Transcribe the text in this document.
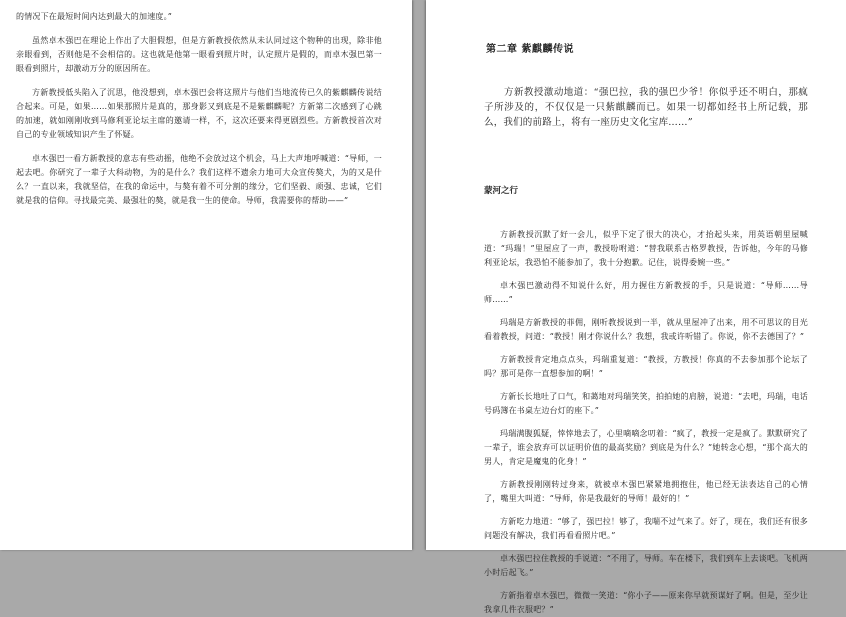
的情况下在最短时间内达到最大的加速度。”

虽然卓木强巴在理论上作出了大胆假想，但是方新教授依然从未认同过这个物种的出现，除非他亲眼看到，否则他是不会相信的。这也就是他第一眼看到照片时，认定照片是假的，而卓木强巴第一眼看到照片，却激动万分的原因所在。

方新教授低头陷入了沉思，他没想到，卓木强巴会将这照片与他们当地流传已久的紫麒麟传说结合起来。可是，如果……如果那照片是真的，那身影又到底是不是紫麒麟呢？方新第二次感到了心跳的加速，就如刚刚收到马修利亚论坛主席的邀请一样，不，这次还要来得更剧烈些。方新教授首次对自己的专业领域知识产生了怀疑。

卓木强巴一看方新教授的意志有些动摇，他绝不会放过这个机会，马上大声地呼喊道：“导师，一起去吧。你研究了一辈子大科动物，为的是什么？我们这样不遗余力地可大众宣传獒犬，为的又是什么？一直以来，我就坚信，在我的命运中，与獒有着不可分割的缘分，它们坚毅、顽强、忠诚，它们就是我的信仰。寻找最完美、最强壮的獒，就是我一生的使命。导师，我需要你的帮助——”

第二章 紫麒麟传说

方新教授激动地道：“强巴拉，我的强巴少爷！你似乎还不明白，那疯子所涉及的，不仅仅是一只紫麒麟而已。如果一切都如经书上所记载，那么，我们的前路上，将有一座历史文化宝库……”

蒙河之行

方新教授沉默了好一会儿，似乎下定了很大的决心，才抬起头来，用英语朝里屋喊道：“玛瑞！”里屋应了一声，教授吩咐道：“替我联系古格罗教授，告诉他，今年的马修利亚论坛，我恐怕不能参加了，我十分抱歉。记住，说得委婉一些。”

卓木强巴激动得不知说什么好，用力握住方新教授的手，只是说道：“导师……导师……”

玛瑞是方新教授的菲佣，刚听教授说到一半，就从里屋冲了出来，用不可思议的目光看着教授，问道：“教授！刚才你说什么？我想，我或许听错了。你说，你不去德国了？”

方新教授肯定地点点头，玛瑞重复道：“教授，方教授！你真的不去参加那个论坛了吗？那可是你一直想参加的啊！”

方新长长地吐了口气，和蔼地对玛瑞笑笑，拍拍她的肩膀，说道：“去吧，玛瑞，电话号码簿在书桌左边台灯的座下。”

玛瑞满腹狐疑，悻悻地去了，心里嘀嘀念叨着：“疯了，教授一定是疯了。默默研究了一辈子，谁会放弃可以证明价值的最高奖励？到底是为什么？”她转念心想，“那个高大的男人，肯定是魔鬼的化身！”

方新教授刚刚转过身来，就被卓木强巴紧紧地拥抱住，他已经无法表达自己的心情了，嘴里大叫道：“导师，你是我最好的导师！最好的！”

方新吃力地道：“够了，强巴拉！够了，我喘不过气来了。好了，现在，我们还有很多问题没有解决，我们再看看照片吧。”

卓木强巴拉住教授的手说道：“不用了，导师。车在楼下，我们到车上去谈吧。飞机两小时后起飞。”

方新指着卓木强巴，微微一笑道：“你小子——原来你早就预谋好了啊。但是，至少让我拿几件衣服吧？”
